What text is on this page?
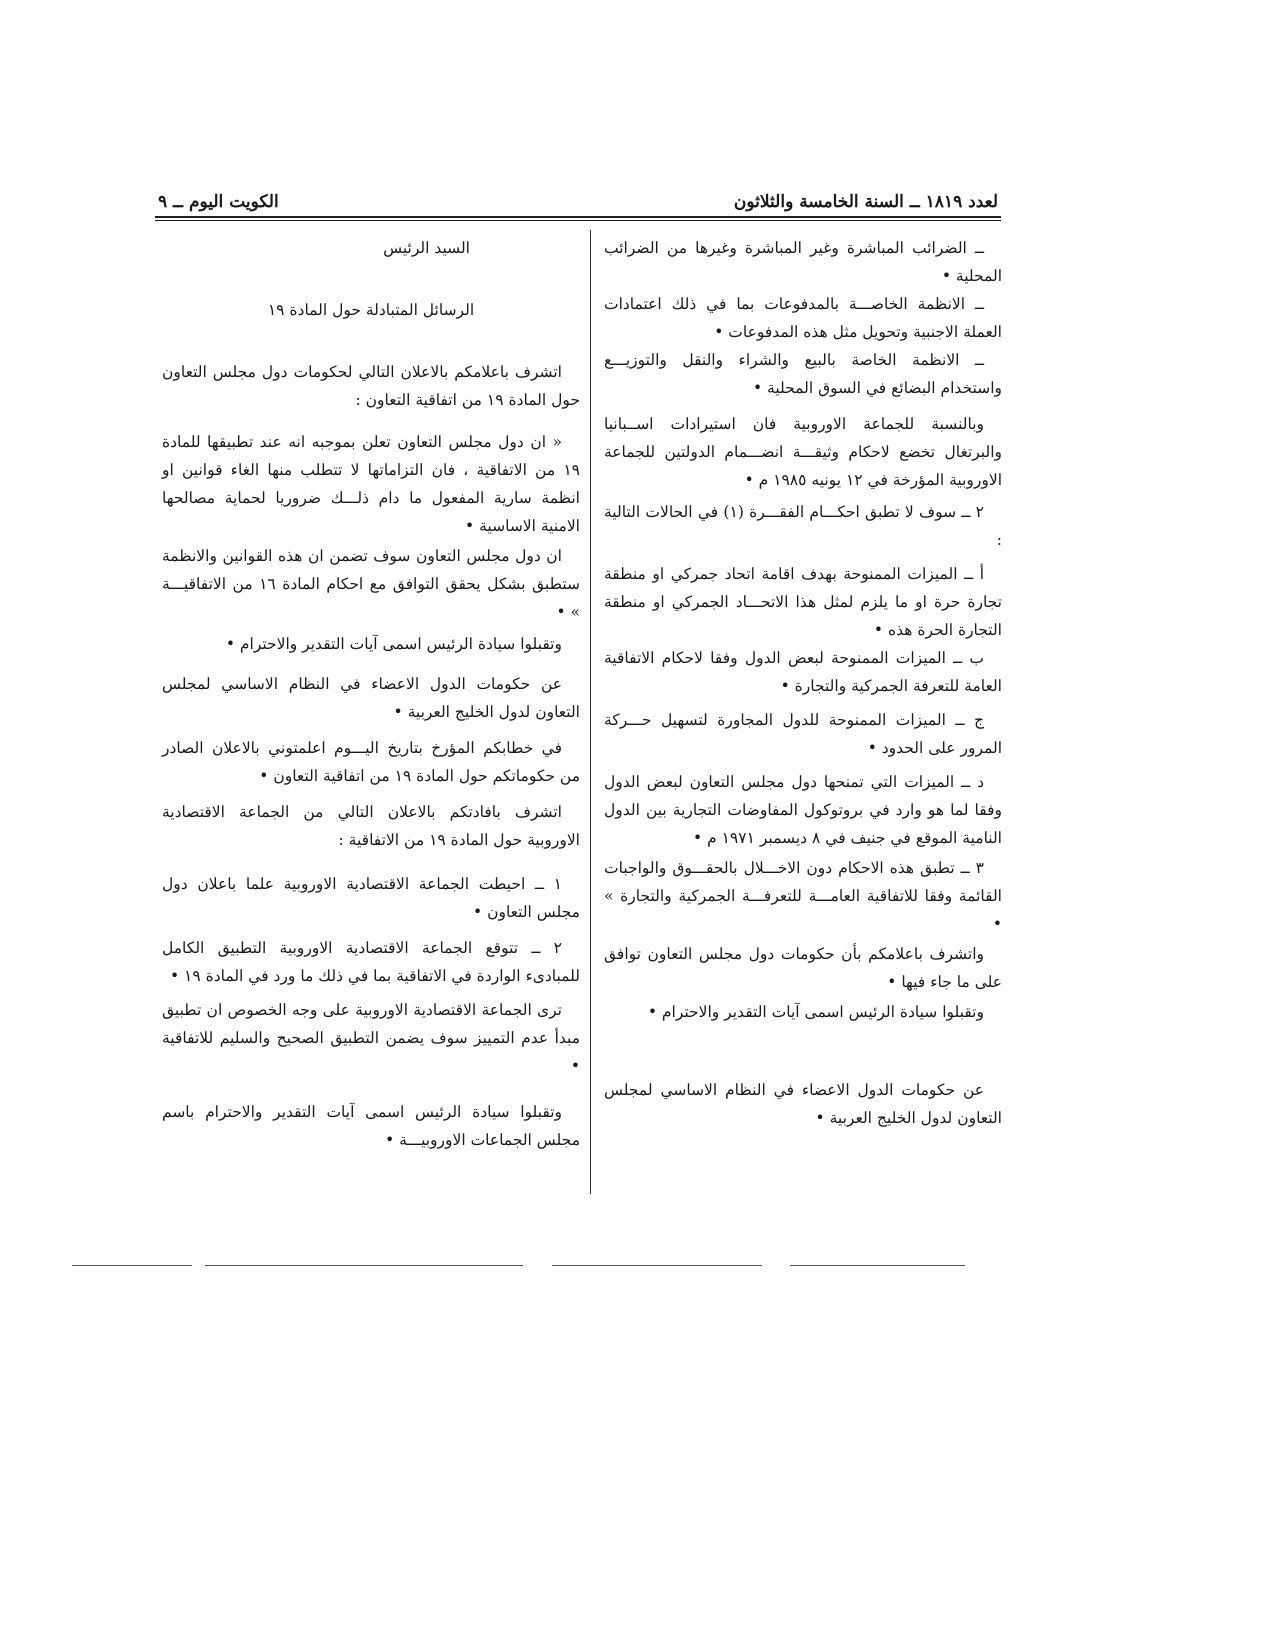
لعدد ١٨١٩ ــ السنة الخامسة والثلاثون
الكويت اليوم ــ ٩

ــ الضرائب المباشرة وغير المباشرة وغيرها من الضرائب المحلية •

ــ الانظمة الخاصـــة بالمدفوعات بما في ذلك اعتمادات العملة الاجنبية وتحويل مثل هذه المدفوعات •

ــ الانظمة الخاصة بالبيع والشراء والنقل والتوزيـــع واستخدام البضائع في السوق المحلية •

وبالنسبة للجماعة الاوروبية فان استيرادات اســبانيا والبرتغال تخضع لاحكام وثيقـــة انضـــمام الدولتين للجماعة الاوروبية المؤرخة في ١٢ يونيه ١٩٨٥ م •

٢ ــ سوف لا تطبق احكـــام الفقـــرة (١) في الحالات التالية :

أ ــ الميزات الممنوحة بهدف اقامة اتحاد جمركي او منطقة تجارة حرة او ما يلزم لمثل هذا الاتحـــاد الجمركي او منطقة التجارة الحرة هذه •

ب ــ الميزات الممنوحة لبعض الدول وفقا لاحكام الاتفاقية العامة للتعرفة الجمركية والتجارة •

ج ــ الميزات الممنوحة للدول المجاورة لتسهيل حـــركة المرور على الحدود •

د ــ الميزات التي تمنحها دول مجلس التعاون لبعض الدول وفقا لما هو وارد في بروتوكول المفاوضات التجارية بين الدول النامية الموقع في جنيف في ٨ ديسمبر ١٩٧١ م •

٣ ــ تطبق هذه الاحكام دون الاخـــلال بالحقـــوق والواجبات القائمة وفقا للاتفاقية العامـــة للتعرفـــة الجمركية والتجارة » •

واتشرف باعلامكم بأن حكومات دول مجلس التعاون توافق على ما جاء فيها •

وتقبلوا سيادة الرئيس اسمى آيات التقدير والاحترام •

عن حكومات الدول الاعضاء في النظام الاساسي لمجلس التعاون لدول الخليج العربية •

السيد الرئيس

الرسائل المتبادلة حول المادة ١٩

اتشرف باعلامكم بالاعلان التالي لحكومات دول مجلس التعاون حول المادة ١٩ من اتفاقية التعاون :

« ان دول مجلس التعاون تعلن بموجبه انه عند تطبيقها للمادة ١٩ من الاتفاقية ، فان التزاماتها لا تتطلب منها الغاء قوانين او انظمة سارية المفعول ما دام ذلـــك ضروريا لحماية مصالحها الامنية الاساسية •

ان دول مجلس التعاون سوف تضمن ان هذه القوانين والانظمة ستطبق بشكل يحقق التوافق مع احكام المادة ١٦ من الاتفاقيـــة » •

وتقبلوا سيادة الرئيس اسمى آيات التقدير والاحترام •

عن حكومات الدول الاعضاء في النظام الاساسي لمجلس التعاون لدول الخليج العربية •

في خطابكم المؤرخ بتاريخ اليـــوم اعلمتوني بالاعلان الصادر من حكوماتكم حول المادة ١٩ من اتفاقية التعاون •

اتشرف بافادتكم بالاعلان التالي من الجماعة الاقتصادية الاوروبية حول المادة ١٩ من الاتفاقية :

١ ــ احيطت الجماعة الاقتصادية الاوروبية علما باعلان دول مجلس التعاون •

٢ ــ تتوقع الجماعة الاقتصادية الاوروبية التطبيق الكامل للمبادىء الواردة في الاتفاقية بما في ذلك ما ورد في المادة ١٩ •

ترى الجماعة الاقتصادية الاوروبية على وجه الخصوص ان تطبيق مبدأ عدم التمييز سوف يضمن التطبيق الصحيح والسليم للاتفاقية •

وتقبلوا سيادة الرئيس اسمى آيات التقدير والاحترام باسم مجلس الجماعات الاوروبيـــة •
